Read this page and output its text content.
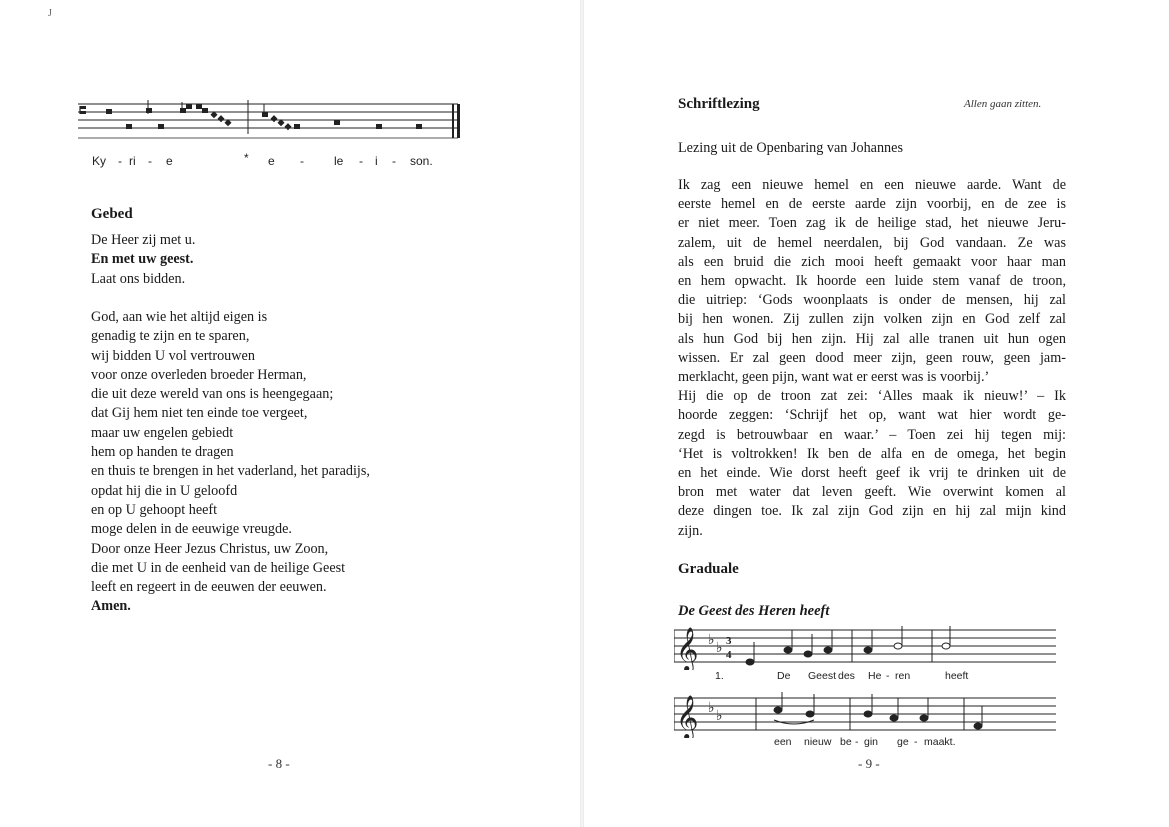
J
Ky - ri - e	* e -	le - i - son.
Gebed
De Heer zij met u.
En met uw geest.
Laat ons bidden.
God, aan wie het altijd eigen is
genadig te zijn en te sparen,
wij bidden U vol vertrouwen
voor onze overleden broeder Herman,
die uit deze wereld van ons is heengegaan;
dat Gij hem niet ten einde toe vergeet,
maar uw engelen gebiedt
hem op handen te dragen
en thuis te brengen in het vaderland, het paradijs,
opdat hij die in U geloofd
en op U gehoopt heeft
moge delen in de eeuwige vreugde.
Door onze Heer Jezus Christus, uw Zoon,
die met U in de eenheid van de heilige Geest
leeft en regeert in de eeuwen der eeuwen.
Amen.
- 8 -
Schriftlezing	Allen gaan zitten.
Lezing uit de Openbaring van Johannes
Ik zag een nieuwe hemel en een nieuwe aarde. Want de
eerste hemel en de eerste aarde zijn voorbij, en de zee is
er niet meer. Toen zag ik de heilige stad, het nieuwe Jeru-
zalem, uit de hemel neerdalen, bij God vandaan. Ze was
als een bruid die zich mooi heeft gemaakt voor haar man
en hem opwacht. Ik hoorde een luide stem vanaf de troon,
die uitriep: ‘Gods woonplaats is onder de mensen, hij zal
bij hen wonen. Zij zullen zijn volken zijn en God zelf zal
als hun God bij hen zijn. Hij zal alle tranen uit hun ogen
wissen. Er zal geen dood meer zijn, geen rouw, geen jam-
merklacht, geen pijn, want wat er eerst was is voorbij.’
Hij die op de troon zat zei: ‘Alles maak ik nieuw!’ – Ik
hoorde zeggen: ‘Schrijf het op, want wat hier wordt ge-
zegd is betrouwbaar en waar.’ – Toen zei hij tegen mij:
‘Het is voltrokken! Ik ben de alfa en de omega, het begin
en het einde. Wie dorst heeft geef ik vrij te drinken uit de
bron met water dat leven geeft. Wie overwint komen al
deze dingen toe. Ik zal zijn God zijn en hij zal mijn kind
zijn.
Graduale
De Geest des Heren heeft
𝄞 ♭ ♭ 3
4
1.	De Geest des He - ren	heeft
𝄞 ♭ ♭
een nieuw be - gin ge - maakt.
- 9 -
